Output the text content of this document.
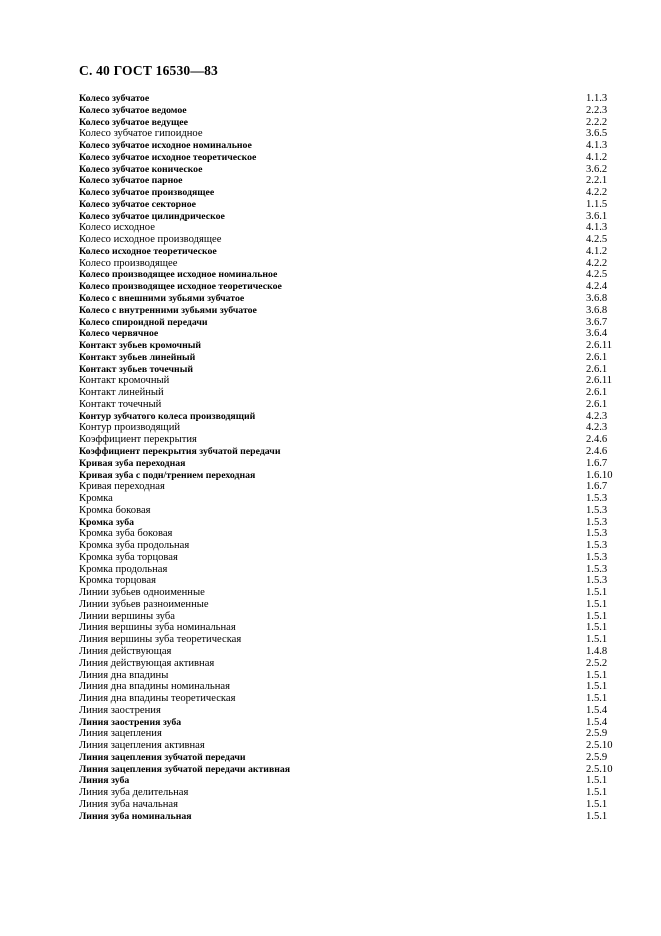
С. 40 ГОСТ 16530—83
Колесо зубчатое	1.1.3
Колесо зубчатое ведомое	2.2.3
Колесо зубчатое ведущее	2.2.2
Колесо зубчатое гипоидное	3.6.5
Колесо зубчатое исходное номинальное	4.1.3
Колесо зубчатое исходное теоретическое	4.1.2
Колесо зубчатое коническое	3.6.2
Колесо зубчатое парное	2.2.1
Колесо зубчатое производящее	4.2.2
Колесо зубчатое секторное	1.1.5
Колесо зубчатое цилиндрическое	3.6.1
Колесо исходное	4.1.3
Колесо исходное производящее	4.2.5
Колесо исходное теоретическое	4.1.2
Колесо производящее	4.2.2
Колесо производящее исходное номинальное	4.2.5
Колесо производящее исходное теоретическое	4.2.4
Колесо с внешними зубьями зубчатое	3.6.8
Колесо с внутренними зубьями зубчатое	3.6.8
Колесо спироидной передачи	3.6.7
Колесо червячное	3.6.4
Контакт зубьев кромочный	2.6.11
Контакт зубьев линейный	2.6.1
Контакт зубьев точечный	2.6.1
Контакт кромочный	2.6.11
Контакт линейный	2.6.1
Контакт точечный	2.6.1
Контур зубчатого колеса производящий	4.2.3
Контур производящий	4.2.3
Коэффициент перекрытия	2.4.6
Коэффициент перекрытия зубчатой передачи	2.4.6
Кривая зуба переходная	1.6.7
Кривая зуба с подн/трением переходная	1.6.10
Кривая переходная	1.6.7
Кромка	1.5.3
Кромка боковая	1.5.3
Кромка зуба	1.5.3
Кромка зуба боковая	1.5.3
Кромка зуба продольная	1.5.3
Кромка зуба торцовая	1.5.3
Кромка продольная	1.5.3
Кромка торцовая	1.5.3
Линии зубьев одноименные	1.5.1
Линии зубьев разноименные	1.5.1
Линии вершины зуба	1.5.1
Линия вершины зуба номинальная	1.5.1
Линия вершины зуба теоретическая	1.5.1
Линия действующая	1.4.8
Линия действующая активная	2.5.2
Линия дна впадины	1.5.1
Линия дна впадины номинальная	1.5.1
Линия дна впадины теоретическая	1.5.1
Линия заострения	1.5.4
Линия заострения зуба	1.5.4
Линия зацепления	2.5.9
Линия зацепления активная	2.5.10
Линия зацепления зубчатой передачи	2.5.9
Линия зацепления зубчатой передачи активная	2.5.10
Линия зуба	1.5.1
Линия зуба делительная	1.5.1
Линия зуба начальная	1.5.1
Линия зуба номинальная	1.5.1
